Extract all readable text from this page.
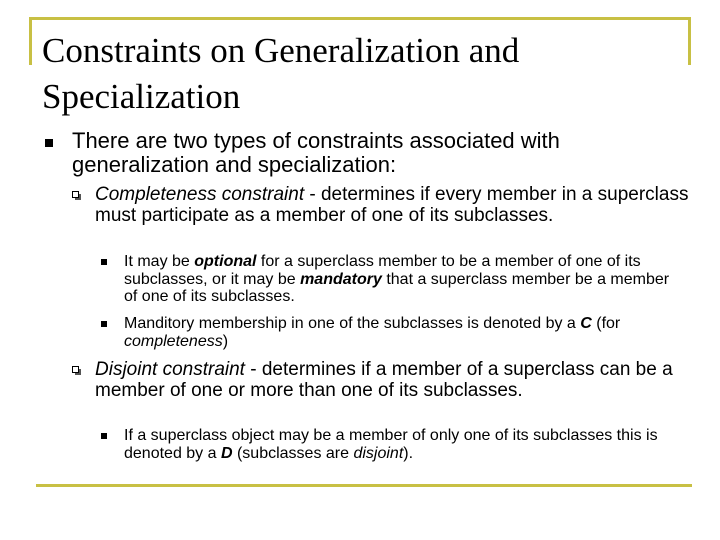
Constraints on Generalization and Specialization
There are two types of constraints associated with generalization and specialization:
Completeness constraint - determines if every member in a superclass must participate as a member of one of its subclasses.
It may be optional for a superclass member to be a member of one of its subclasses, or it may be mandatory that a superclass member be a member of one of its subclasses.
Manditory membership in one of the subclasses is denoted by a C (for completeness)
Disjoint constraint - determines if a member of a superclass can be a member of one or more than one of its subclasses.
If a superclass object may be a member of only one of its subclasses this is denoted by a D (subclasses are disjoint).
